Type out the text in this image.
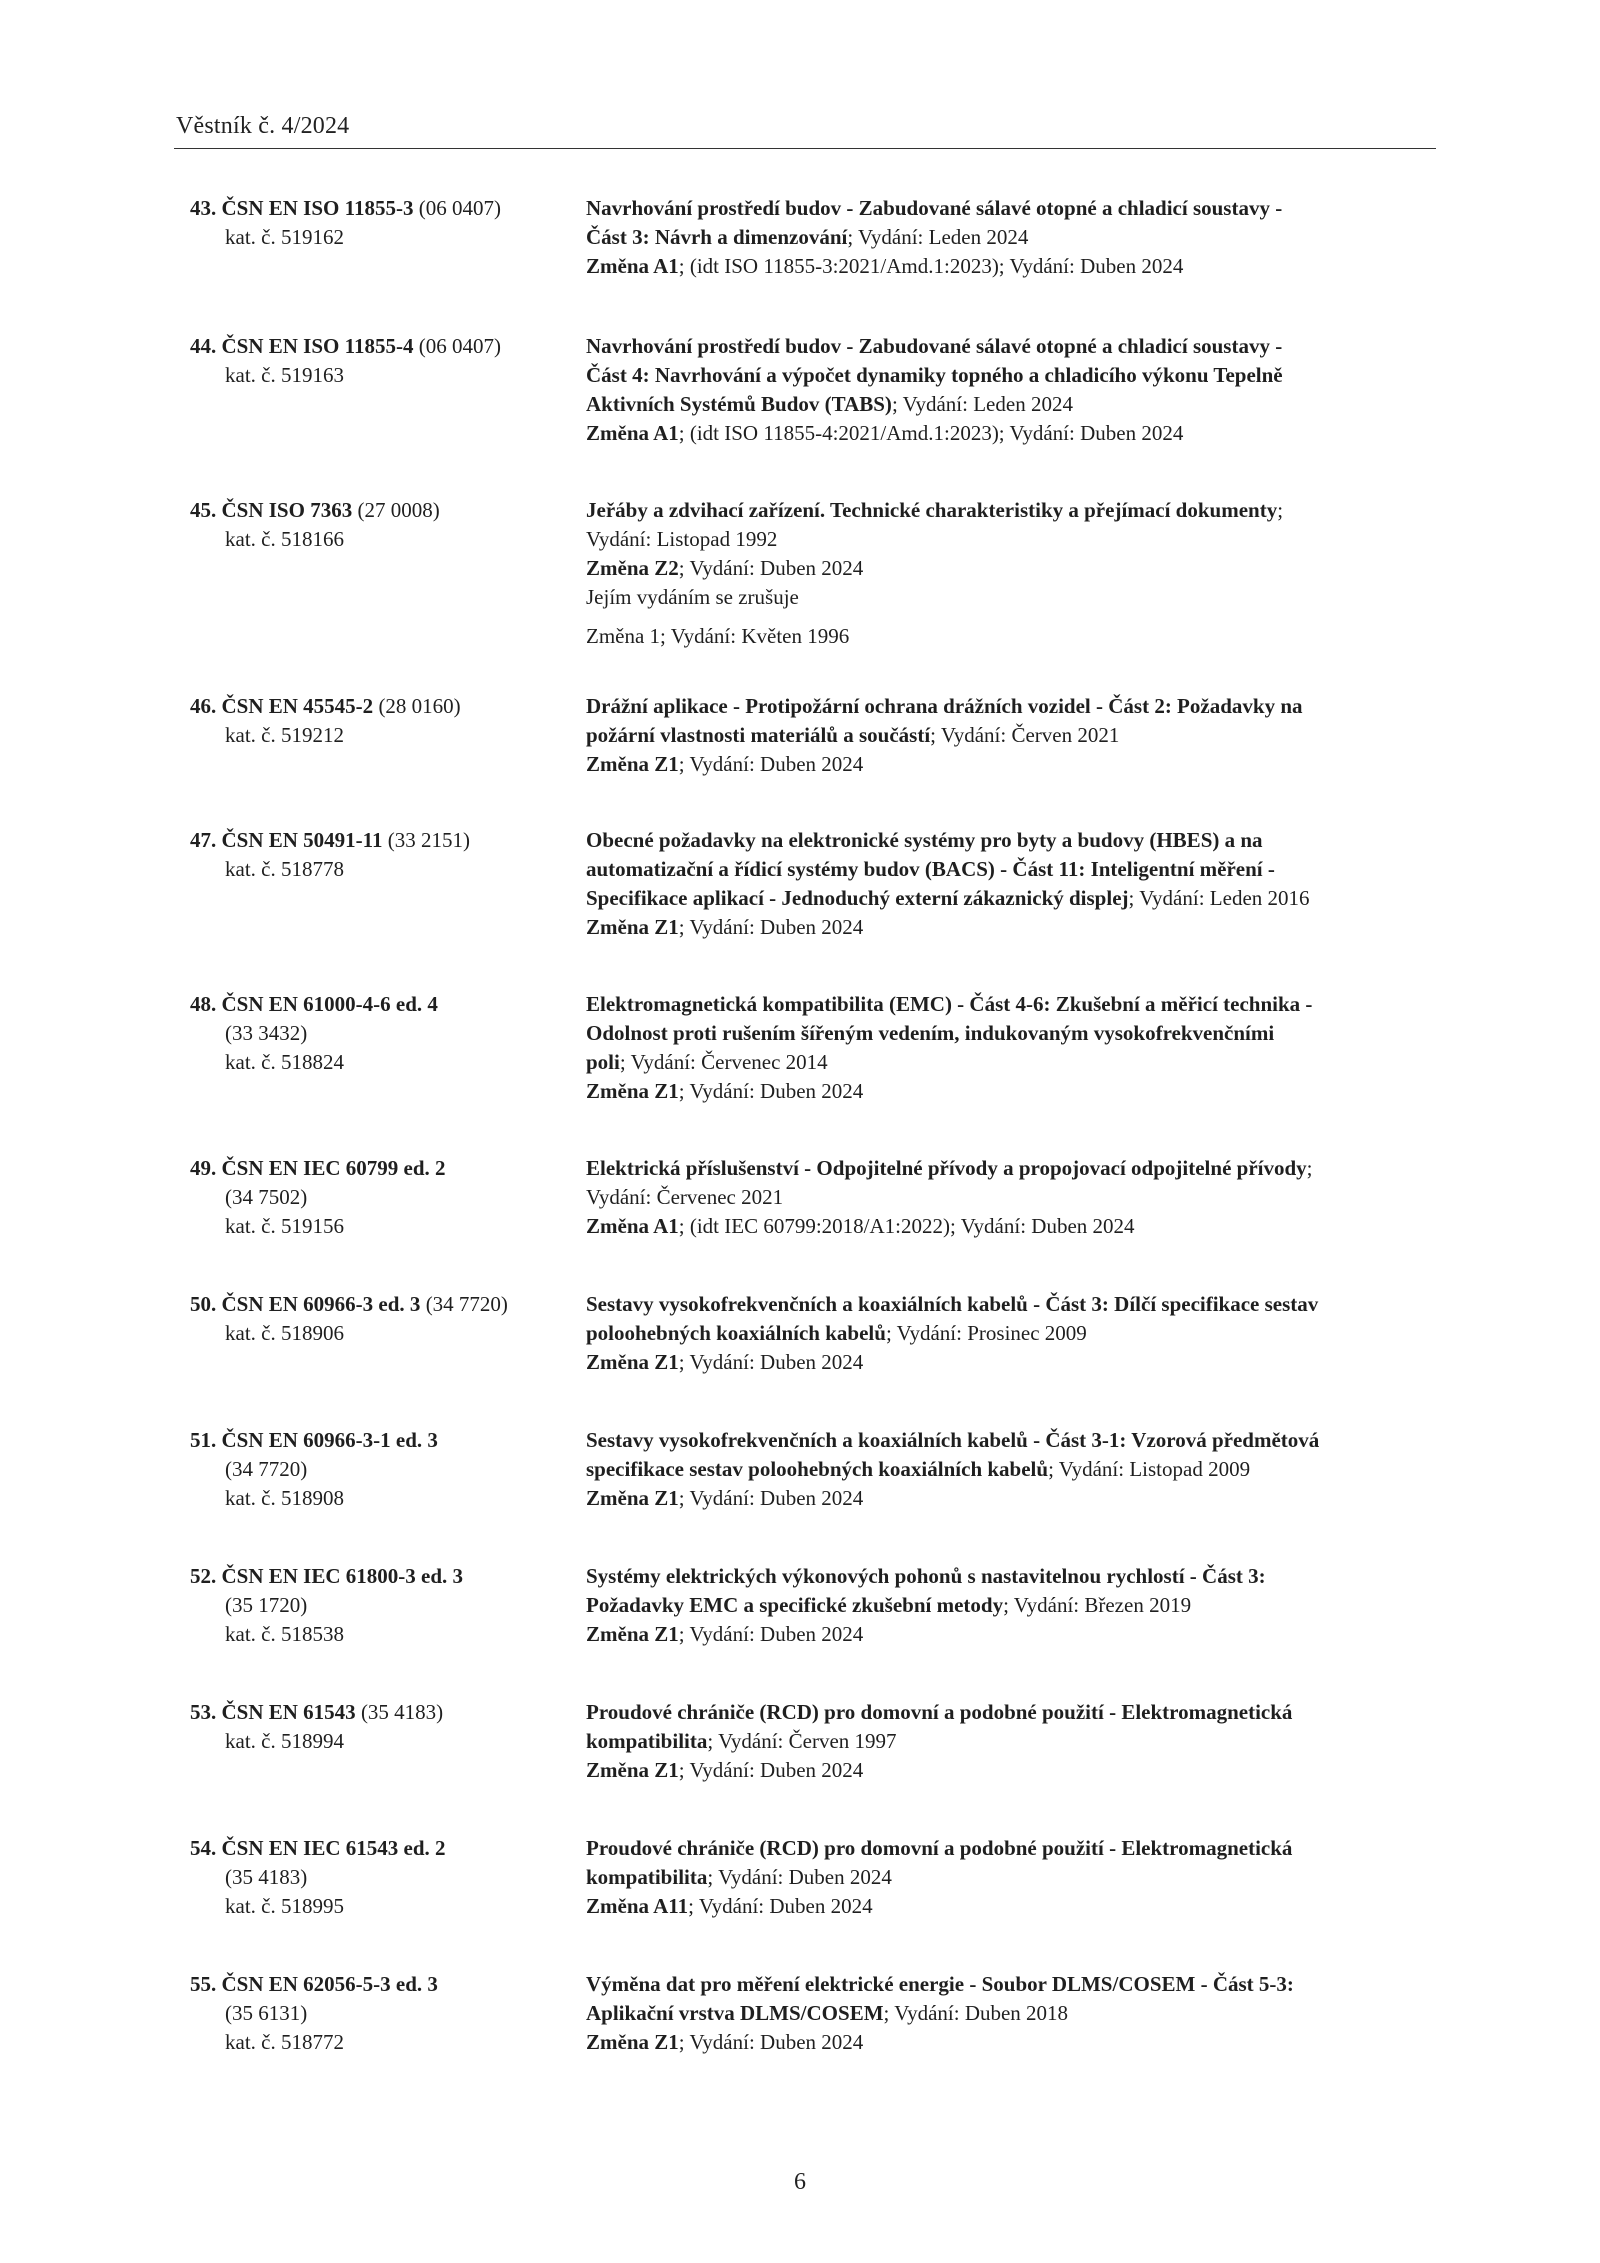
Věstník č. 4/2024
43. ČSN EN ISO 11855-3 (06 0407)
kat. č. 519162
Navrhování prostředí budov - Zabudované sálavé otopné a chladicí soustavy -
Část 3: Návrh a dimenzování; Vydání: Leden 2024
Změna A1; (idt ISO 11855-3:2021/Amd.1:2023); Vydání: Duben 2024
44. ČSN EN ISO 11855-4 (06 0407)
kat. č. 519163
Navrhování prostředí budov - Zabudované sálavé otopné a chladicí soustavy -
Část 4: Navrhování a výpočet dynamiky topného a chladicího výkonu Tepelně
Aktivních Systémů Budov (TABS); Vydání: Leden 2024
Změna A1; (idt ISO 11855-4:2021/Amd.1:2023); Vydání: Duben 2024
45. ČSN ISO 7363 (27 0008)
kat. č. 518166
Jeřáby a zdvihací zařízení. Technické charakteristiky a přejímací dokumenty;
Vydání: Listopad 1992
Změna Z2; Vydání: Duben 2024
Jejím vydáním se zrušuje
Změna 1; Vydání: Květen 1996
46. ČSN EN 45545-2 (28 0160)
kat. č. 519212
Drážní aplikace - Protipožární ochrana drážních vozidel - Část 2: Požadavky na
požární vlastnosti materiálů a součástí; Vydání: Červen 2021
Změna Z1; Vydání: Duben 2024
47. ČSN EN 50491-11 (33 2151)
kat. č. 518778
Obecné požadavky na elektronické systémy pro byty a budovy (HBES) a na
automatizační a řídicí systémy budov (BACS) - Část 11: Inteligentní měření -
Specifikace aplikací - Jednoduchý externí zákaznický displej; Vydání: Leden 2016
Změna Z1; Vydání: Duben 2024
48. ČSN EN 61000-4-6 ed. 4
(33 3432)
kat. č. 518824
Elektromagnetická kompatibilita (EMC) - Část 4-6: Zkušební a měřicí technika -
Odolnost proti rušením šířeným vedením, indukovaným vysokofrekvenčními
poli; Vydání: Červenec 2014
Změna Z1; Vydání: Duben 2024
49. ČSN EN IEC 60799 ed. 2
(34 7502)
kat. č. 519156
Elektrická příslušenství - Odpojitelné přívody a propojovací odpojitelné přívody;
Vydání: Červenec 2021
Změna A1; (idt IEC 60799:2018/A1:2022); Vydání: Duben 2024
50. ČSN EN 60966-3 ed. 3 (34 7720)
kat. č. 518906
Sestavy vysokofrekvenčních a koaxiálních kabelů - Část 3: Dílčí specifikace sestav
poloohebných koaxiálních kabelů; Vydání: Prosinec 2009
Změna Z1; Vydání: Duben 2024
51. ČSN EN 60966-3-1 ed. 3
(34 7720)
kat. č. 518908
Sestavy vysokofrekvenčních a koaxiálních kabelů - Část 3-1: Vzorová předmětová
specifikace sestav poloohebných koaxiálních kabelů; Vydání: Listopad 2009
Změna Z1; Vydání: Duben 2024
52. ČSN EN IEC 61800-3 ed. 3
(35 1720)
kat. č. 518538
Systémy elektrických výkonových pohonů s nastavitelnou rychlostí - Část 3:
Požadavky EMC a specifické zkušební metody; Vydání: Březen 2019
Změna Z1; Vydání: Duben 2024
53. ČSN EN 61543 (35 4183)
kat. č. 518994
Proudové chrániče (RCD) pro domovní a podobné použití - Elektromagnetická
kompatibilita; Vydání: Červen 1997
Změna Z1; Vydání: Duben 2024
54. ČSN EN IEC 61543 ed. 2
(35 4183)
kat. č. 518995
Proudové chrániče (RCD) pro domovní a podobné použití - Elektromagnetická
kompatibilita; Vydání: Duben 2024
Změna A11; Vydání: Duben 2024
55. ČSN EN 62056-5-3 ed. 3
(35 6131)
kat. č. 518772
Výměna dat pro měření elektrické energie - Soubor DLMS/COSEM - Část 5-3:
Aplikační vrstva DLMS/COSEM; Vydání: Duben 2018
Změna Z1; Vydání: Duben 2024
6
